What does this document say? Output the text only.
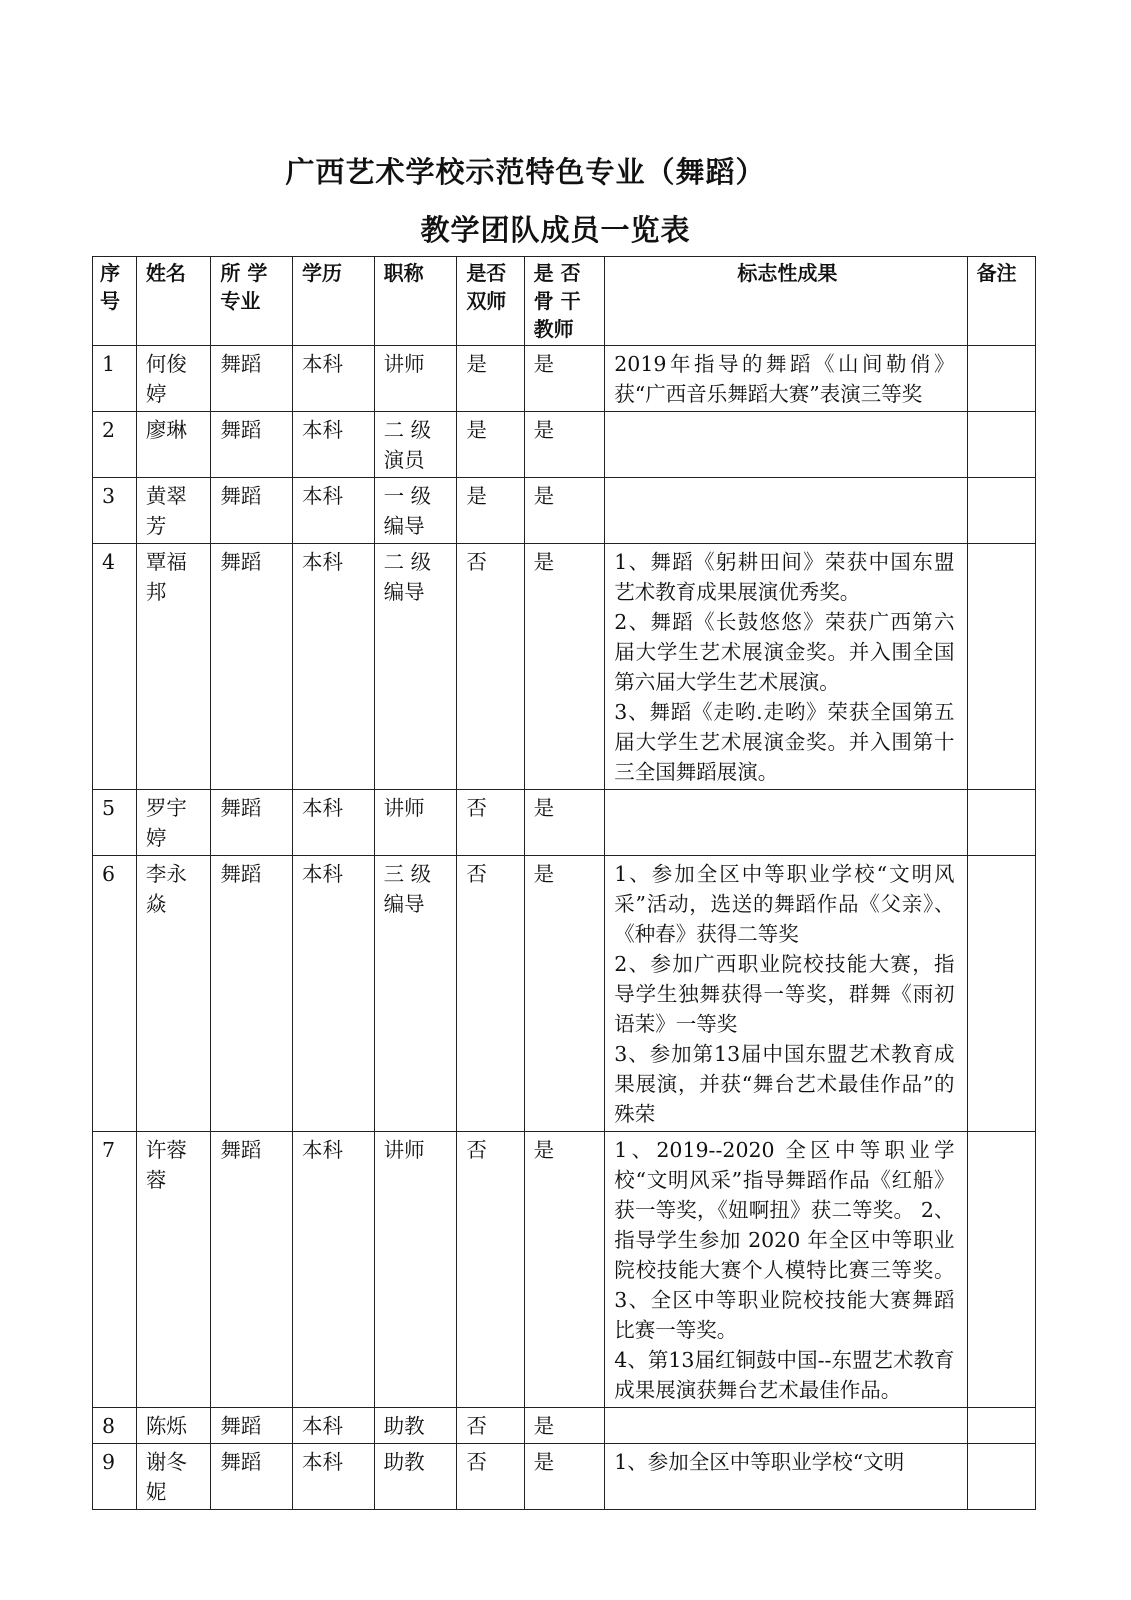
广西艺术学校示范特色专业（舞蹈）
教学团队成员一览表
序号	姓名	所 学专业	学历	职称	是否双师	是 否骨 干教师	标志性成果	备注
1	何俊婷	舞蹈	本科	讲师	是	是	2019年指导的舞蹈《山间勒俏》获“广西音乐舞蹈大赛”表演三等奖	

2	廖琳	舞蹈	本科	二 级演员	是	是		
3	黄翠芳	舞蹈	本科	一 级编导	是	是		
4	覃福邦	舞蹈	本科	二 级编导	否	是	1、舞蹈《躬耕田间》荣获中国东盟艺术教育成果展演优秀奖。

2、舞蹈《长鼓悠悠》荣获广西第六届大学生艺术展演金奖。并入围全国第六届大学生艺术展演。

3、舞蹈《走哟.走哟》荣获全国第五届大学生艺术展演金奖。并入围第十三全国舞蹈展演。	

5	罗宇婷	舞蹈	本科	讲师	否	是		
6	李永焱	舞蹈	本科	三 级编导	否	是	1、参加全区中等职业学校“文明风采”活动，选送的舞蹈作品《父亲》、《种春》获得二等奖

2、参加广西职业院校技能大赛，指导学生独舞获得一等奖，群舞《雨初语茉》一等奖

3、参加第13届中国东盟艺术教育成果展演，并获“舞台艺术最佳作品”的殊荣	

7	许蓉蓉	舞蹈	本科	讲师	否	是	1、2019--2020 全区中等职业学校“文明风采”指导舞蹈作品《红船》获一等奖，《妞啊扭》获二等奖。 2、指导学生参加 2020 年全区中等职业院校技能大赛个人模特比赛三等奖。 3、全区中等职业院校技能大赛舞蹈比赛一等奖。

4、第13届红铜鼓中国--东盟艺术教育成果展演获舞台艺术最佳作品。	

8	陈烁	舞蹈	本科	助教	否	是		
9	谢冬妮	舞蹈	本科	助教	否	是	1、参加全区中等职业学校“文明	
